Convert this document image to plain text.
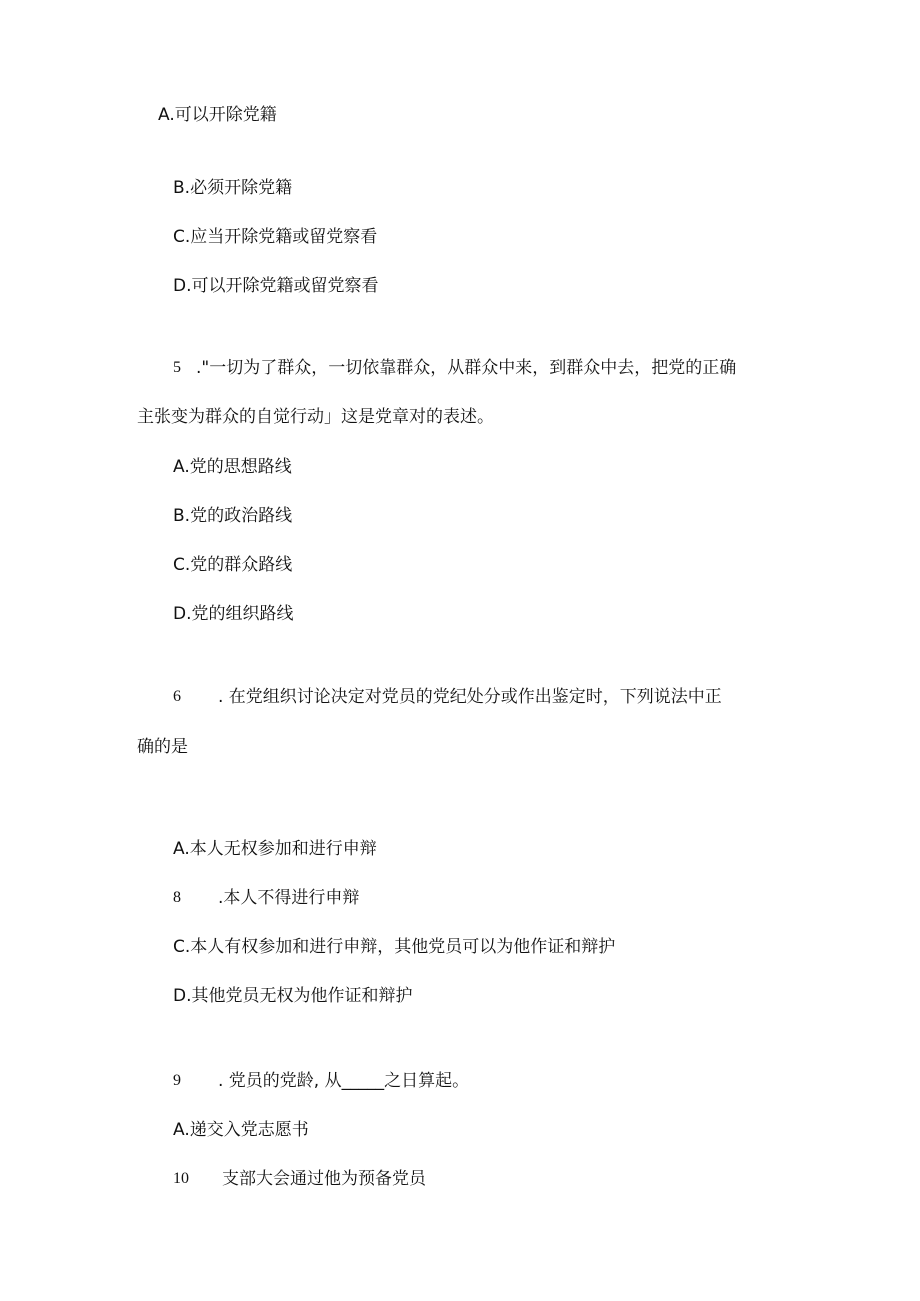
A.可以开除党籍
B.必须开除党籍
C.应当开除党籍或留党察看
D.可以开除党籍或留党察看
5 ."一切为了群众，一切依靠群众，从群众中来，到群众中去，把党的正确
主张变为群众的自觉行动」这是党章对的表述。
A.党的思想路线
B.党的政治路线
C.党的群众路线
D.党的组织路线
6 . 在党组织讨论决定对党员的党纪处分或作出鉴定时，下列说法中正
确的是
A.本人无权参加和进行申辩
8 .本人不得进行申辩
C.本人有权参加和进行申辩，其他党员可以为他作证和辩护
D.其他党员无权为他作证和辩护
9 . 党员的党龄, 从_____之日算起。
A.递交入党志愿书
10 支部大会通过他为预备党员
